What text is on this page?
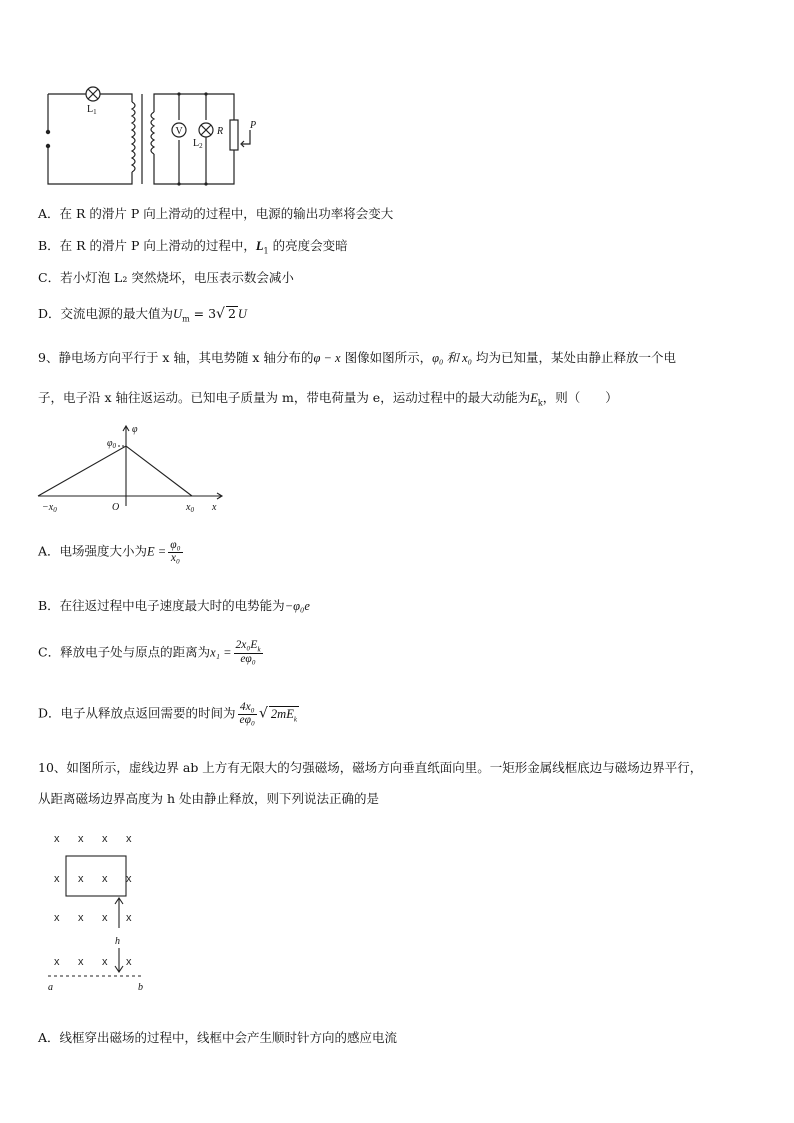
$L_1$
V
$L_2$
R
P
A．在 R 的滑片 P 向上滑动的过程中，电源的输出功率将会变大
B．在 R 的滑片 P 向上滑动的过程中，$L_1$ 的亮度会变暗
C．若小灯泡 L₂ 突然烧坏，电压表示数会减小
D．交流电源的最大值为$U_m = 3√$ 2 U
9、静电场方向平行于 x 轴，其电势随 x 轴分布的φ − x 图像如图所示，φ₀ 和 x₀ 均为已知量，某处由静止释放一个电
子，电子沿 x 轴往返运动。已知电子质量为 m，带电荷量为 e，运动过程中的最大动能为$E_k$，则（　　）
$\varphi_0$
φ
$-x_0$	O	$x_0$ x
A．电场强度大小为$E = \frac{\text{φ₀}}{\text{x₀}}$
B．在往返过程中电子速度最大时的电势能为−φ₀e
C．释放电子处与原点的距离为$x_1 = \frac{2x_0E_k}{\text{eφ₀}}$
D．电子从释放点返回需要的时间为 $\frac{\text{4x₀}}{\text{eφ₀}}$ √ $2mE_k$
10、如图所示，虚线边界 ab 上方有无限大的匀强磁场，磁场方向垂直纸面向里。一矩形金属线框底边与磁场边界平行，
从距离磁场边界高度为 h 处由静止释放，则下列说法正确的是
x x x x
x x x x
x x x x
x x x x
h
a	b
A．线框穿出磁场的过程中，线框中会产生顺时针方向的感应电流
